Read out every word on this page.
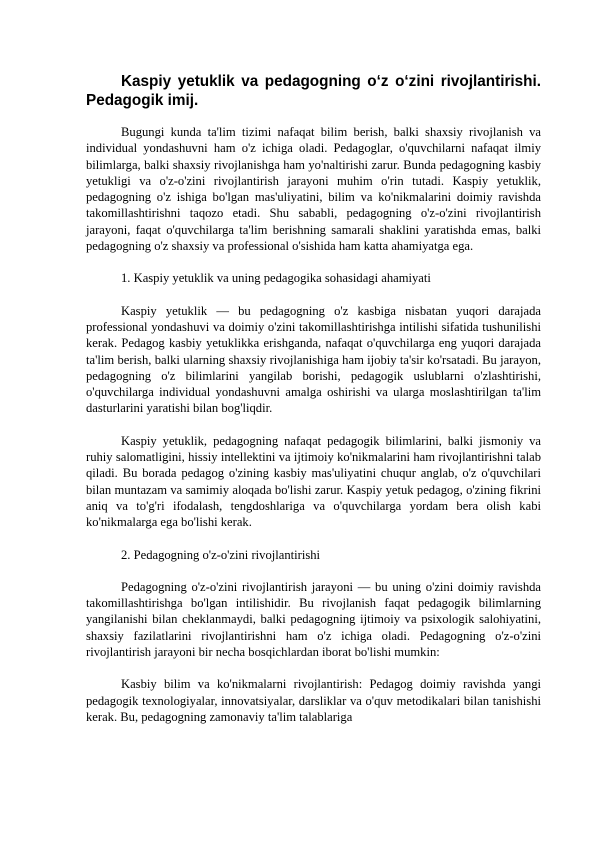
Kaspiy yetuklik va pedagogning o‘z o‘zini rivojlantirishi. Pedagogik imij.

Bugungi kunda ta'lim tizimi nafaqat bilim berish, balki shaxsiy rivojlanish va individual yondashuvni ham o'z ichiga oladi. Pedagoglar, o'quvchilarni nafaqat ilmiy bilimlarga, balki shaxsiy rivojlanishga ham yo'naltirishi zarur. Bunda pedagogning kasbiy yetukligi va o'z-o'zini rivojlantirish jarayoni muhim o'rin tutadi. Kaspiy yetuklik, pedagogning o'z ishiga bo'lgan mas'uliyatini, bilim va ko'nikmalarini doimiy ravishda takomillashtirishni taqozo etadi. Shu sababli, pedagogning o'z-o'zini rivojlantirish jarayoni, faqat o'quvchilarga ta'lim berishning samarali shaklini yaratishda emas, balki pedagogning o'z shaxsiy va professional o'sishida ham katta ahamiyatga ega.

1. Kaspiy yetuklik va uning pedagogika sohasidagi ahamiyati

Kaspiy yetuklik — bu pedagogning o'z kasbiga nisbatan yuqori darajada professional yondashuvi va doimiy o'zini takomillashtirishga intilishi sifatida tushunilishi kerak. Pedagog kasbiy yetuklikka erishganda, nafaqat o'quvchilarga eng yuqori darajada ta'lim berish, balki ularning shaxsiy rivojlanishiga ham ijobiy ta'sir ko'rsatadi. Bu jarayon, pedagogning o'z bilimlarini yangilab borishi, pedagogik uslublarni o'zlashtirishi, o'quvchilarga individual yondashuvni amalga oshirishi va ularga moslashtirilgan ta'lim dasturlarini yaratishi bilan bog'liqdir.

Kaspiy yetuklik, pedagogning nafaqat pedagogik bilimlarini, balki jismoniy va ruhiy salomatligini, hissiy intellektini va ijtimoiy ko'nikmalarini ham rivojlantirishni talab qiladi. Bu borada pedagog o'zining kasbiy mas'uliyatini chuqur anglab, o'z o'quvchilari bilan muntazam va samimiy aloqada bo'lishi zarur. Kaspiy yetuk pedagog, o'zining fikrini aniq va to'g'ri ifodalash, tengdoshlariga va o'quvchilarga yordam bera olish kabi ko'nikmalarga ega bo'lishi kerak.

2. Pedagogning o'z-o'zini rivojlantirishi

Pedagogning o'z-o'zini rivojlantirish jarayoni — bu uning o'zini doimiy ravishda takomillashtirishga bo'lgan intilishidir. Bu rivojlanish faqat pedagogik bilimlarning yangilanishi bilan cheklanmaydi, balki pedagogning ijtimoiy va psixologik salohiyatini, shaxsiy fazilatlarini rivojlantirishni ham o'z ichiga oladi. Pedagogning o'z-o'zini rivojlantirish jarayoni bir necha bosqichlardan iborat bo'lishi mumkin:

Kasbiy bilim va ko'nikmalarni rivojlantirish: Pedagog doimiy ravishda yangi pedagogik texnologiyalar, innovatsiyalar, darsliklar va o'quv metodikalari bilan tanishishi kerak. Bu, pedagogning zamonaviy ta'lim talablariga
